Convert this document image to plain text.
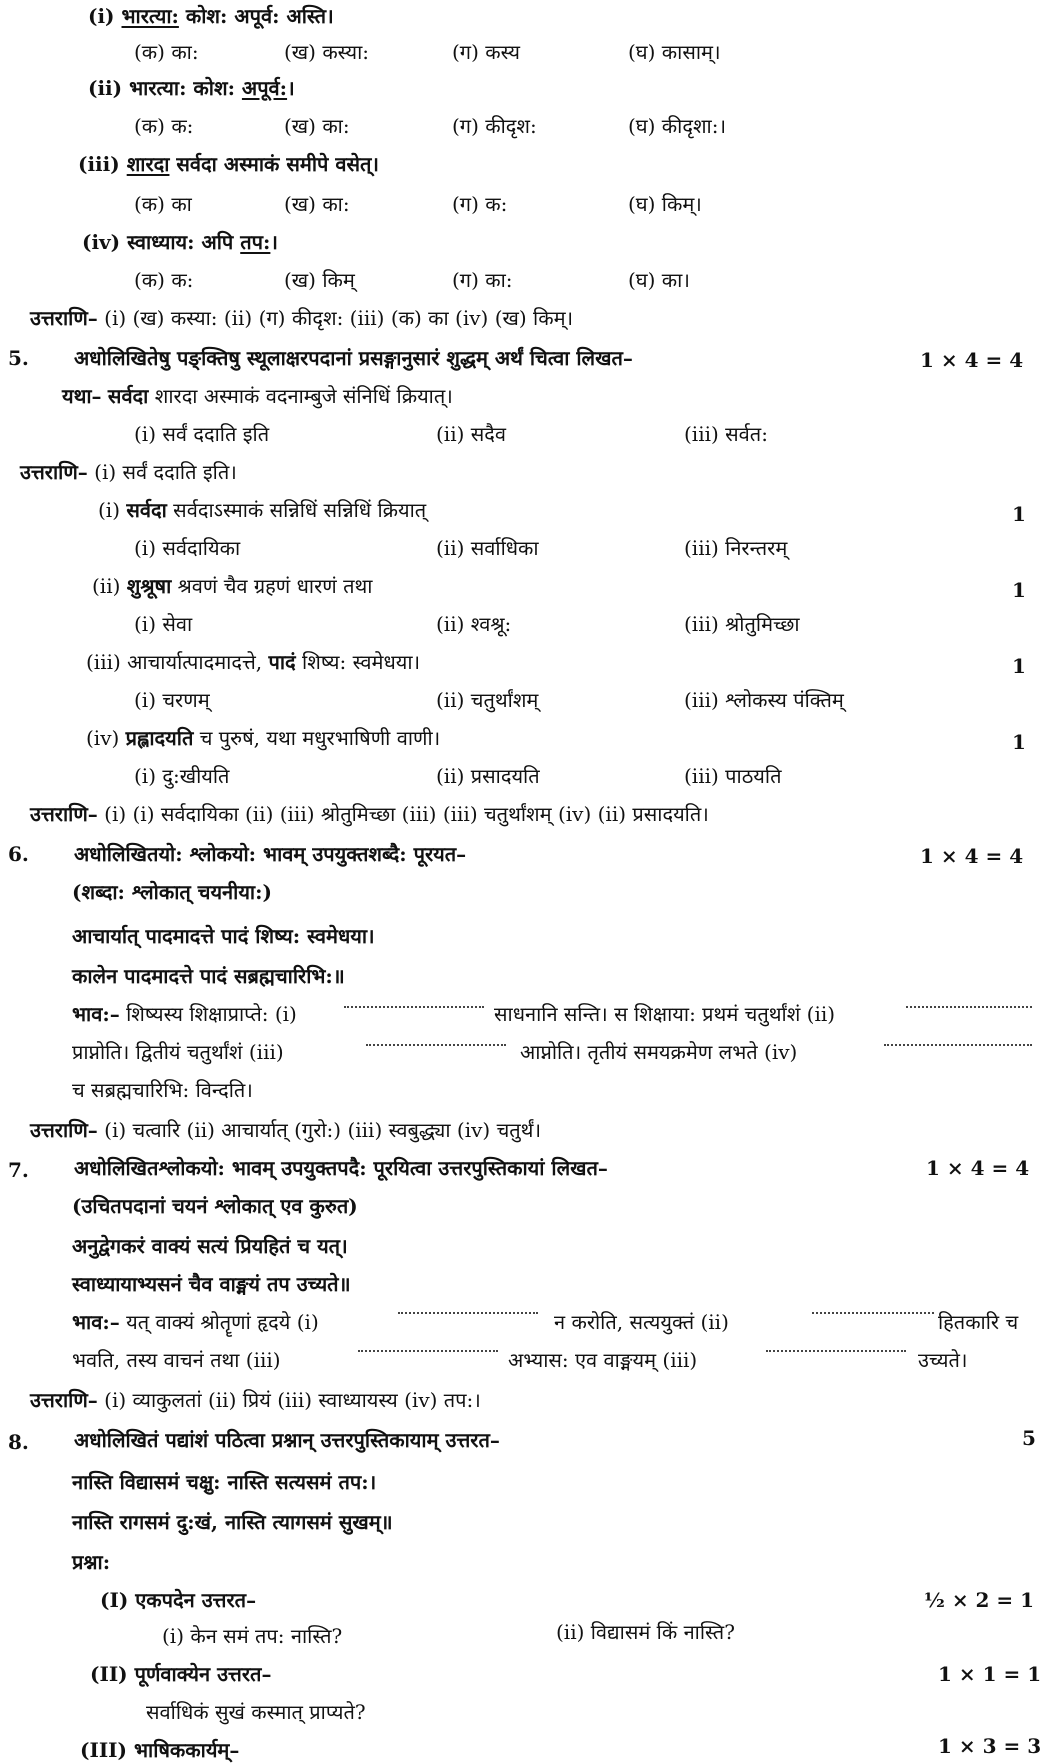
(i) भारत्या: कोश: अपूर्व: अस्ति।
(क) का:	(ख) कस्या:	(ग) कस्य	(घ) कासाम्।
(ii) भारत्या: कोश: अपूर्व:।
(क) क:	(ख) का:	(ग) कीदृश:	(घ) कीदृशा:।
(iii) शारदा सर्वदा अस्माकं समीपे वसेत्।
(क) का	(ख) का:	(ग) क:	(घ) किम्।
(iv) स्वाध्याय: अपि तप:।
(क) क:	(ख) किम्	(ग) का:	(घ) का।
उत्तराणि– (i) (ख) कस्या: (ii) (ग) कीदृश: (iii) (क) का (iv) (ख) किम्।
5. अधोलिखितेषु पङ्क्तिषु स्थूलाक्षरपदानां प्रसङ्गानुसारं शुद्धम् अर्थं चित्वा लिखत–	1 × 4 = 4
यथा– सर्वदा शारदा अस्माकं वदनाम्बुजे संनिधिं क्रियात्।
(i) सर्वं ददाति इति	(ii) सदैव	(iii) सर्वत:
उत्तराणि– (i) सर्वं ददाति इति।
(i) सर्वदा सर्वदाऽस्माकं सन्निधिं सन्निधिं क्रियात्	1
(i) सर्वदायिका	(ii) सर्वाधिका	(iii) निरन्तरम्
(ii) शुश्रूषा श्रवणं चैव ग्रहणं धारणं तथा	1
(i) सेवा	(ii) श्वश्रू:	(iii) श्रोतुमिच्छा
(iii) आचार्यात्पादमादत्ते, पादं शिष्य: स्वमेधया।	1
(i) चरणम्	(ii) चतुर्थांशम्	(iii) श्लोकस्य पंक्तिम्
(iv) प्रह्लादयति च पुरुषं, यथा मधुरभाषिणी वाणी।	1
(i) दु:खीयति	(ii) प्रसादयति	(iii) पाठयति
उत्तराणि– (i) (i) सर्वदायिका (ii) (iii) श्रोतुमिच्छा (iii) (iii) चतुर्थांशम् (iv) (ii) प्रसादयति।
6. अधोलिखितयो: श्लोकयो: भावम् उपयुक्तशब्दै: पूरयत–	1 × 4 = 4
(शब्दा: श्लोकात् चयनीया:)
आचार्यात् पादमादत्ते पादं शिष्य: स्वमेधया।
कालेन पादमादत्ते पादं सब्रह्मचारिभि:॥
भाव:– शिष्यस्य शिक्षाप्राप्ते: (i)	साधनानि सन्ति। स शिक्षाया: प्रथमं चतुर्थांशं (ii)
प्राप्नोति। द्वितीयं चतुर्थांशं (iii)	आप्नोति। तृतीयं समयक्रमेण लभते (iv)
च सब्रह्मचारिभि: विन्दति।
उत्तराणि– (i) चत्वारि (ii) आचार्यात् (गुरो:) (iii) स्वबुद्ध्या (iv) चतुर्थं।
7. अधोलिखितश्लोकयो: भावम् उपयुक्तपदै: पूरयित्वा उत्तरपुस्तिकायां लिखत–	1 × 4 = 4
(उचितपदानां चयनं श्लोकात् एव कुरुत)
अनुद्वेगकरं वाक्यं सत्यं प्रियहितं च यत्।
स्वाध्यायाभ्यसनं चैव वाङ्मयं तप उच्यते॥
भाव:– यत् वाक्यं श्रोतॄणां हृदये (i)	न करोति, सत्ययुक्तं (ii)	हितकारि च
भवति, तस्य वाचनं तथा (iii)	अभ्यास: एव वाङ्मयम् (iii)	उच्यते।
उत्तराणि– (i) व्याकुलतां (ii) प्रियं (iii) स्वाध्यायस्य (iv) तप:।
8. अधोलिखितं पद्यांशं पठित्वा प्रश्नान् उत्तरपुस्तिकायाम् उत्तरत–	5
नास्ति विद्यासमं चक्षु: नास्ति सत्यसमं तप:।
नास्ति रागसमं दु:खं, नास्ति त्यागसमं सुखम्॥
प्रश्ना:
(I) एकपदेन उत्तरत–	½ × 2 = 1
(i) केन समं तप: नास्ति?	(ii) विद्यासमं किं नास्ति?
(II) पूर्णवाक्येन उत्तरत–	1 × 1 = 1
सर्वाधिकं सुखं कस्मात् प्राप्यते?
(III) भाषिककार्यम्–	1 × 3 = 3
